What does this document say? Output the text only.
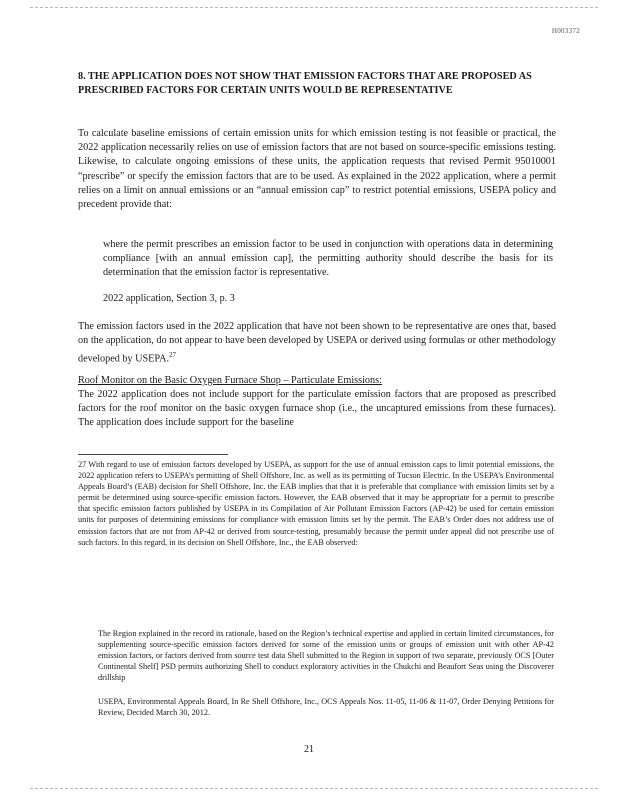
H003372
8. THE APPLICATION DOES NOT SHOW THAT EMISSION FACTORS THAT ARE PROPOSED AS PRESCRIBED FACTORS FOR CERTAIN UNITS WOULD BE REPRESENTATIVE
To calculate baseline emissions of certain emission units for which emission testing is not feasible or practical, the 2022 application necessarily relies on use of emission factors that are not based on source-specific emissions testing. Likewise, to calculate ongoing emissions of these units, the application requests that revised Permit 95010001 “prescribe” or specify the emission factors that are to be used. As explained in the 2022 application, where a permit relies on a limit on annual emissions or an “annual emission cap” to restrict potential emissions, USEPA policy and precedent provide that:
where the permit prescribes an emission factor to be used in conjunction with operations data in determining compliance [with an annual emission cap], the permitting authority should describe the basis for its determination that the emission factor is representative.
2022 application, Section 3, p. 3
The emission factors used in the 2022 application that have not been shown to be representative are ones that, based on the application, do not appear to have been developed by USEPA or derived using formulas or other methodology developed by USEPA.$^{27}$
Roof Monitor on the Basic Oxygen Furnace Shop – Particulate Emissions:
The 2022 application does not include support for the particulate emission factors that are proposed as prescribed factors for the roof monitor on the basic oxygen furnace shop (i.e., the uncaptured emissions from these furnaces). The application does include support for the baseline
27 With regard to use of emission factors developed by USEPA, as support for the use of annual emission caps to limit potential emissions, the 2022 application refers to USEPA’s permitting of Shell Offshore, Inc. as well as its permitting of Tucson Electric. In the USEPA’s Environmental Appeals Board’s (EAB) decision for Shell Offshore, Inc. the EAB implies that that it is preferable that compliance with emission limits set by a permit be determined using source-specific emission factors. However, the EAB observed that it may be appropriate for a permit to prescribe that specific emission factors published by USEPA in its Compilation of Air Pollutant Emission Factors (AP-42) be used for certain emission units for purposes of determining emissions for compliance with emission limits set by the permit. The EAB’s Order does not address use of emission factors that are not from AP-42 or derived from source-testing, presumably because the permit under appeal did not prescribe use of such factors. In this regard, in its decision on Shell Offshore, Inc., the EAB observed:
The Region explained in the record its rationale, based on the Region’s technical expertise and applied in certain limited circumstances, for supplementing source-specific emission factors derived for some of the emission units or groups of emission unit with other AP-42 emission factors, or factors derived from source test data Shell submitted to the Region in support of two separate, previously OCS [Outer Continental Shelf] PSD permits authorizing Shell to conduct exploratory activities in the Chukchi and Beaufort Seas using the Discoverer drillship
USEPA, Environmental Appeals Board, In Re Shell Offshore, Inc., OCS Appeals Nos. 11-05, 11-06 & 11-07, Order Denying Petitions for Review, Decided March 30, 2012.
21
